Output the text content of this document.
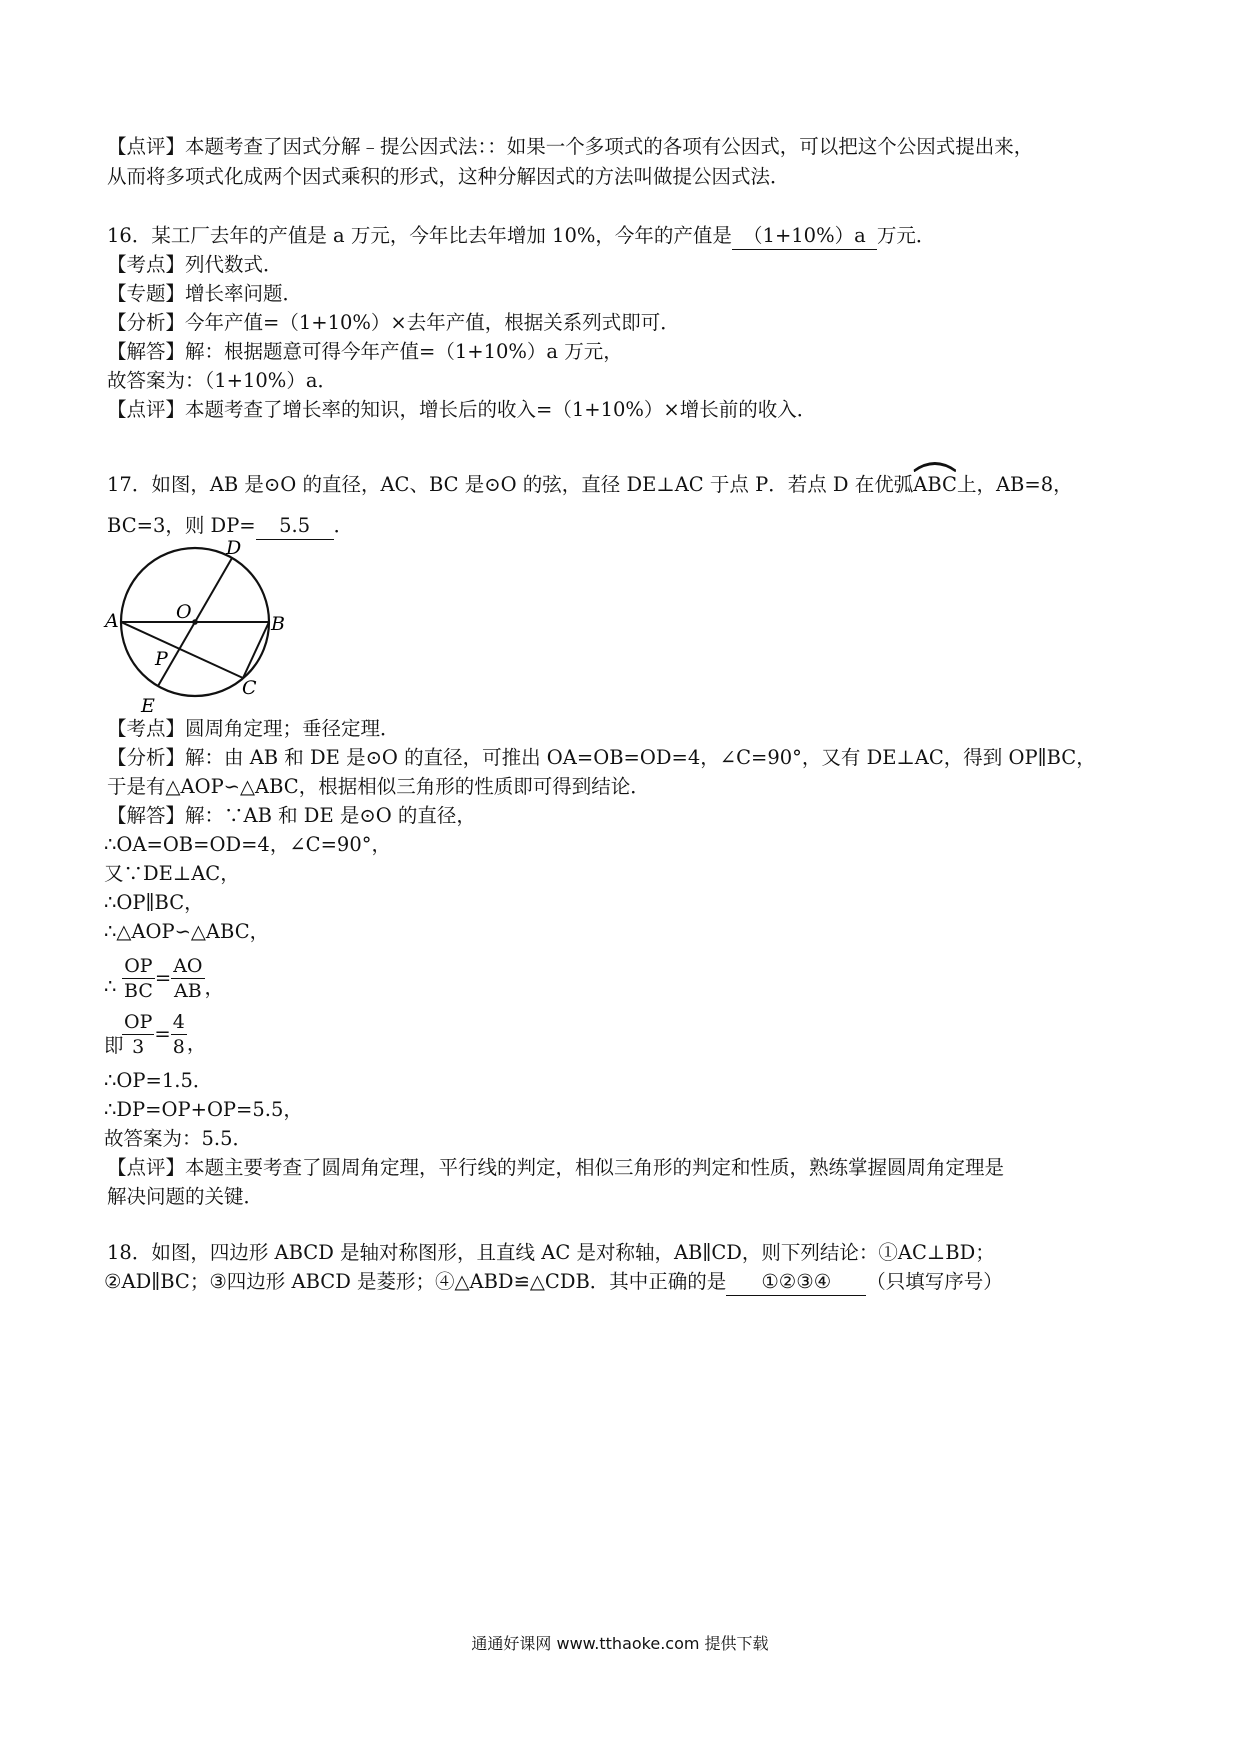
【点评】本题考查了因式分解﹣提公因式法：：如果一个多项式的各项有公因式，可以把这个公因式提出来，
从而将多项式化成两个因式乘积的形式，这种分解因式的方法叫做提公因式法．
16．某工厂去年的产值是 a 万元，今年比去年增加 10%，今年的产值是 （1+10%）a 万元．
【考点】列代数式．
【专题】增长率问题．
【分析】今年产值=（1+10%）×去年产值，根据关系列式即可．
【解答】解：根据题意可得今年产值=（1+10%）a 万元，
故答案为：（1+10%）a．
【点评】本题考查了增长率的知识，增长后的收入=（1+10%）×增长前的收入．
17．如图，AB 是⊙O 的直径，AC、BC 是⊙O 的弦，直径 DE⊥AC 于点 P．若点 D 在优弧
ABC上，AB=8，
BC=3，则 DP= 5.5 ．
A	B
C
D
E
O
P
【考点】圆周角定理；垂径定理．
【分析】解：由 AB 和 DE 是⊙O 的直径，可推出 OA=OB=OD=4，∠C=90°，又有 DE⊥AC，得到 OP∥BC，
于是有△AOP∽△ABC，根据相似三角形的性质即可得到结论．
【解答】解：∵AB 和 DE 是⊙O 的直径，
∴OA=OB=OD=4，∠C=90°，
又∵DE⊥AC，
∴OP∥BC，
∴△AOP∽△ABC，
∴ $\frac{OP}{BC} = \frac{AO}{AB}$ ，
即
$\frac{OP}{3} = \frac{4}{8}$ ，
∴OP=1.5．
∴DP=OP+OP=5.5，
故答案为：5.5．
【点评】本题主要考查了圆周角定理，平行线的判定，相似三角形的判定和性质，熟练掌握圆周角定理是
解决问题的关键．
18．如图，四边形 ABCD 是轴对称图形，且直线 AC 是对称轴，AB∥CD，则下列结论：①AC⊥BD；
②AD∥BC；③四边形 ABCD 是菱形；④△ABD≌△CDB．其中正确的是 ①②③④ （只填写序号）
通通好课网 www.tthaoke.com 提供下载
